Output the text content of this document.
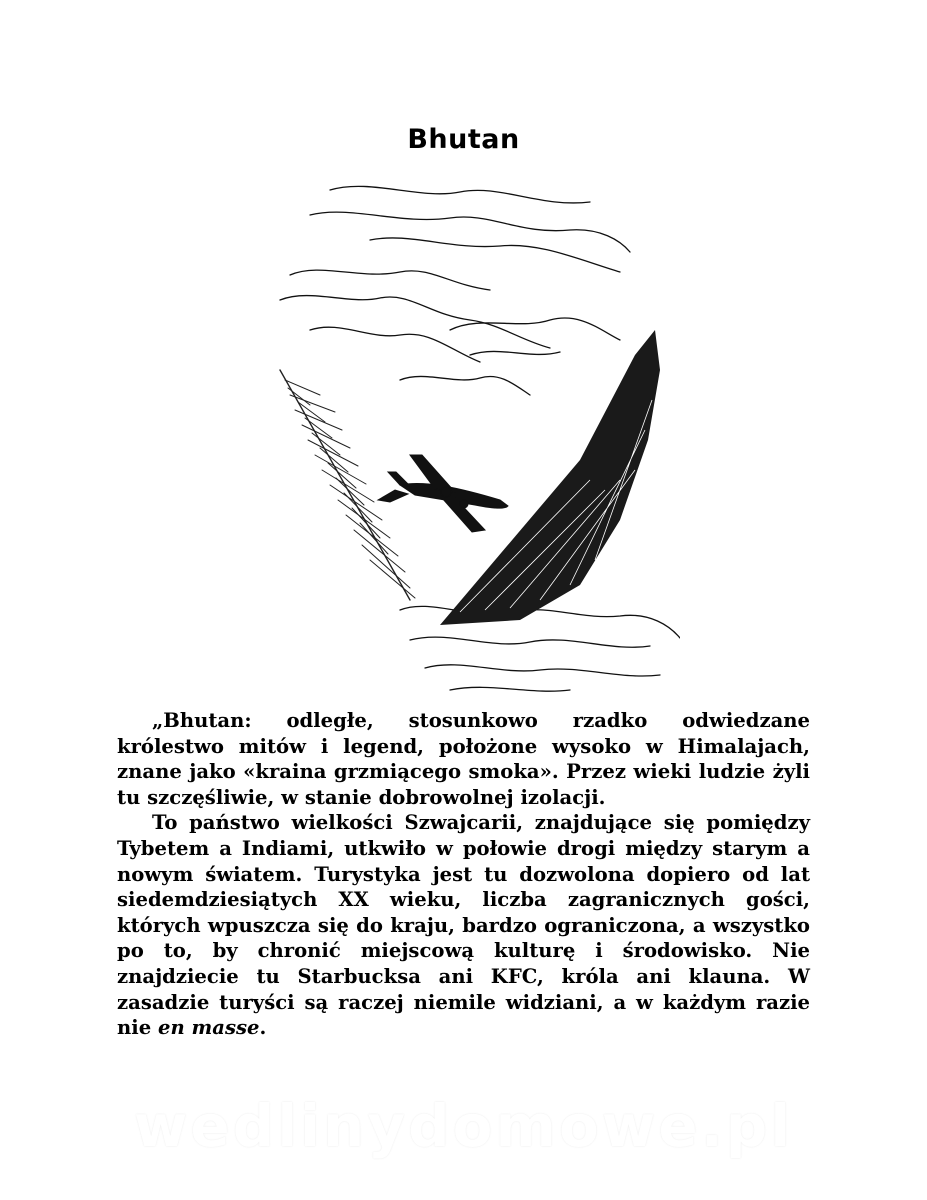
Bhutan

„Bhutan: odległe, stosunkowo rzadko odwiedzane królestwo mitów i legend, położone wysoko w Himalajach, znane jako «kraina grzmiącego smoka». Przez wieki ludzie żyli tu szczęśliwie, w stanie dobrowolnej izolacji.

To państwo wielkości Szwajcarii, znajdujące się pomiędzy Tybetem a Indiami, utkwiło w połowie drogi między starym a nowym światem. Turystyka jest tu dozwolona dopiero od lat siedemdziesiątych XX wieku, liczba zagranicznych gości, których wpuszcza się do kraju, bardzo ograniczona, a wszystko po to, by chronić miejscową kulturę i środowisko. Nie znajdziecie tu Starbucksa ani KFC, króla ani klauna. W zasadzie turyści są raczej niemile widziani, a w każdym razie nie en masse.

wedlinydomowe.pl
